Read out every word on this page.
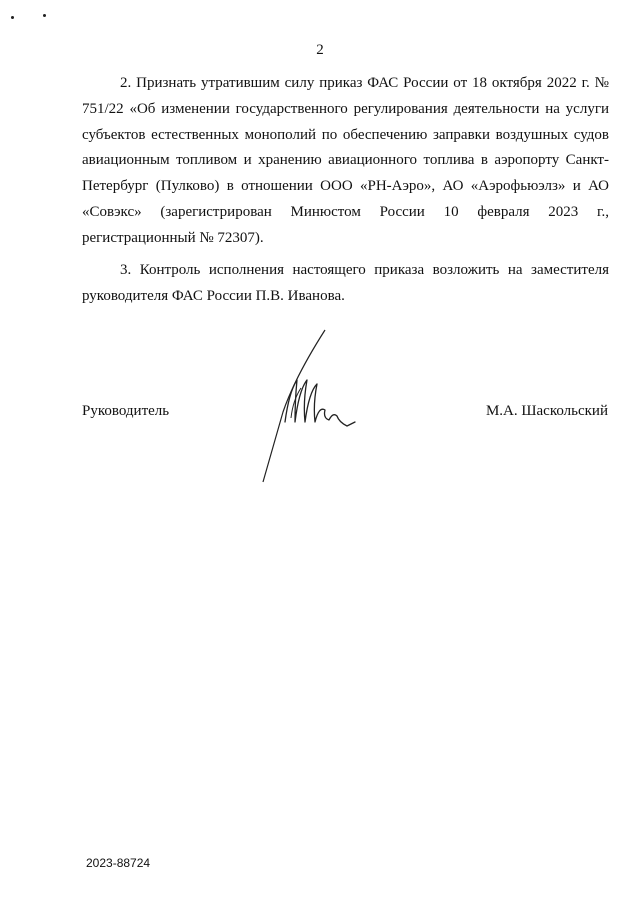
2

2. Признать утратившим силу приказ ФАС России от 18 октября 2022 г. № 751/22 «Об изменении государственного регулирования деятельности на услуги субъектов естественных монополий по обеспечению заправки воздушных судов авиационным топливом и хранению авиационного топлива в аэропорту Санкт-Петербург (Пулково) в отношении ООО «РН-Аэро», АО «Аэрофьюэлз» и АО «Совэкс» (зарегистрирован Минюстом России 10 февраля 2023 г., регистрационный № 72307).

3. Контроль исполнения настоящего приказа возложить на заместителя руководителя ФАС России П.В. Иванова.

Руководитель	М.А. Шаскольский
2023-88724
